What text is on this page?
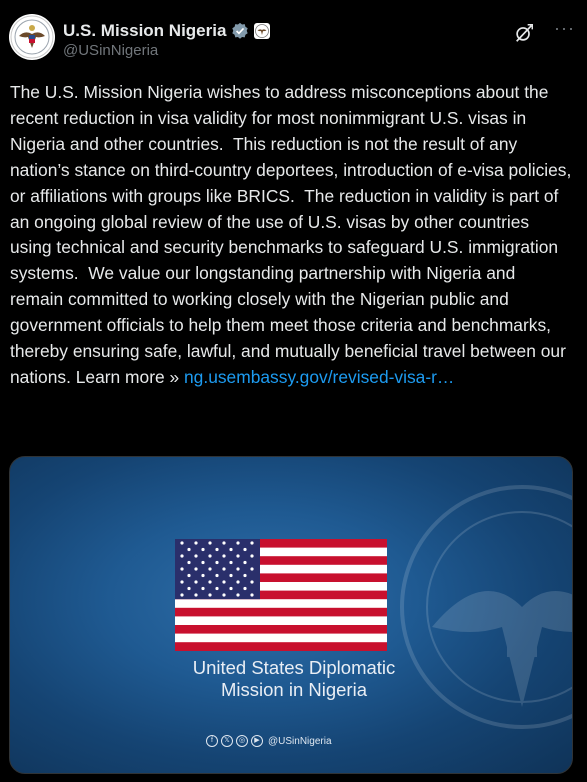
U.S. Mission Nigeria
@USinNigeria
···
The U.S. Mission Nigeria wishes to address misconceptions about the recent reduction in visa validity for most nonimmigrant U.S. visas in Nigeria and other countries.  This reduction is not the result of any nation’s stance on third-country deportees, introduction of e-visa policies, or affiliations with groups like BRICS.  The reduction in validity is part of an ongoing global review of the use of U.S. visas by other countries using technical and security benchmarks to safeguard U.S. immigration systems.  We value our longstanding partnership with Nigeria and remain committed to working closely with the Nigerian public and government officials to help them meet those criteria and benchmarks, thereby ensuring safe, lawful, and mutually beneficial travel between our nations. Learn more » ng.usembassy.gov/revised-visa-r…
United States Diplomatic
Mission in Nigeria
f	𝕏	◎	▶ @USinNigeria
